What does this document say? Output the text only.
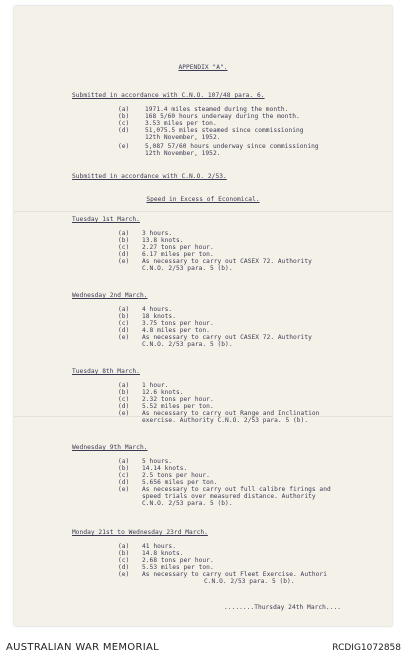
APPENDIX "A".
Submitted in accordance with C.N.O. 107/48 para. 6.
(a)	1971.4 miles steamed during the month.
(b)	168 5/60 hours underway during the month.
(c)	3.53 miles per ton.
(d)	51,075.5 miles steamed since commissioning
12th November, 1952.
(e)	5,087 57/60 hours underway since commissioning
12th November, 1952.
Submitted in accordance with C.N.O. 2/53.
Speed in Excess of Economical.
Tuesday 1st March.
(a) 3 hours.
(b) 13.8 knots.
(c) 2.27 tons per hour.
(d) 6.17 miles per ton.
(e) As necessary to carry out CASEX 72. Authority
C.N.O. 2/53 para. 5 (b).
Wednesday 2nd March.
(a) 4 hours.
(b) 18 knots.
(c) 3.75 tons per hour.
(d) 4.8 miles per ton.
(e) As necessary to carry out CASEX 72. Authority
C.N.O. 2/53 para. 5 (b).
Tuesday 8th March.
(a) 1 hour.
(b) 12.6 knots.
(c) 2.32 tons per hour.
(d) 5.52 miles per ton.
(e) As necessary to carry out Range and Inclination
exercise. Authority C.N.O. 2/53 para. 5 (b).
Wednesday 9th March.
(a) 5 hours.
(b) 14.14 knots.
(c) 2.5 tons per hour.
(d) 5.656 miles per ton.
(e) As necessary to carry out full calibre firings and
speed trials over measured distance. Authority
C.N.O. 2/53 para. 5 (b).
Monday 21st to Wednesday 23rd March.
(a) 41 hours.
(b) 14.8 knots.
(c) 2.68 tons per hour.
(d) 5.53 miles per ton.
(e) As necessary to carry out Fleet Exercise. Authori
C.N.O. 2/53 para. 5 (b).
........Thursday 24th March....
AUSTRALIAN WAR MEMORIAL	RCDIG1072858
